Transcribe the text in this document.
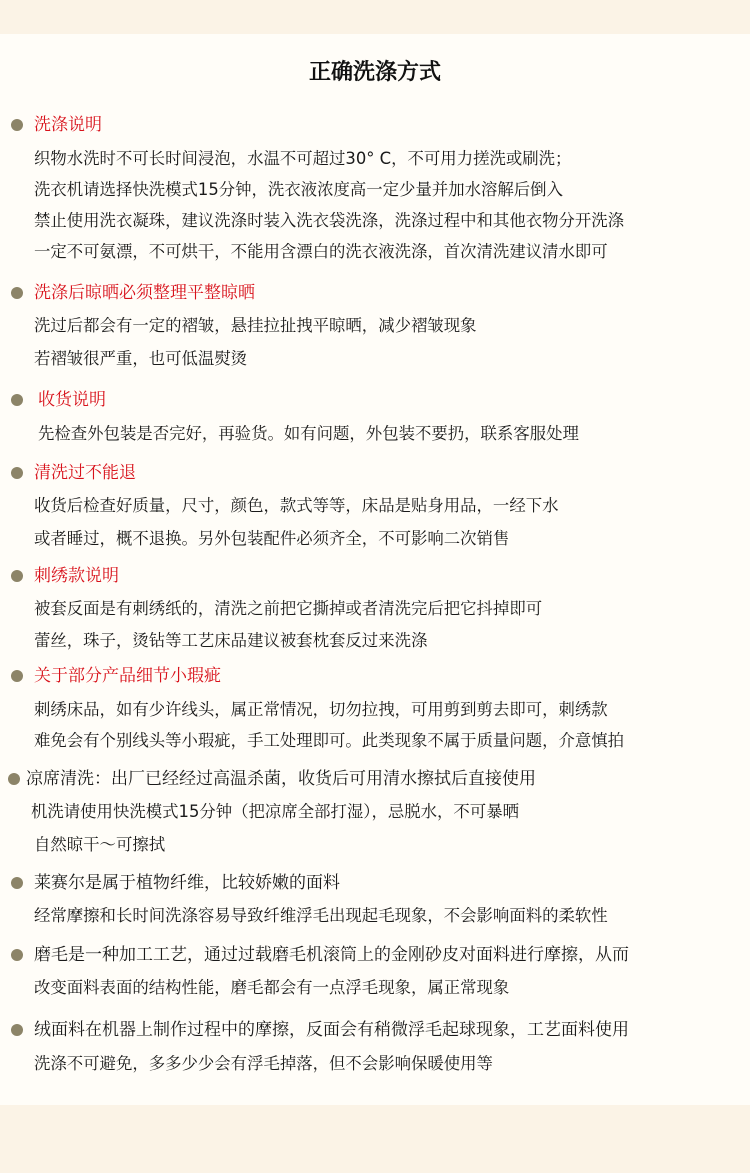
正确洗涤方式
洗涤说明
织物水洗时不可长时间浸泡，水温不可超过30° C，不可用力搓洗或刷洗；
洗衣机请选择快洗模式15分钟，洗衣液浓度高一定少量并加水溶解后倒入
禁止使用洗衣凝珠，建议洗涤时装入洗衣袋洗涤，洗涤过程中和其他衣物分开洗涤
一定不可氨漂，不可烘干，不能用含漂白的洗衣液洗涤，首次清洗建议清水即可
洗涤后晾晒必须整理平整晾晒
洗过后都会有一定的褶皱，悬挂拉扯拽平晾晒，减少褶皱现象
若褶皱很严重，也可低温熨烫
收货说明
先检查外包装是否完好，再验货。如有问题，外包装不要扔，联系客服处理
清洗过不能退
收货后检查好质量，尺寸，颜色，款式等等，床品是贴身用品，一经下水
或者睡过，概不退换。另外包装配件必须齐全，不可影响二次销售
刺绣款说明
被套反面是有刺绣纸的，清洗之前把它撕掉或者清洗完后把它抖掉即可
蕾丝，珠子，烫钻等工艺床品建议被套枕套反过来洗涤
关于部分产品细节小瑕疵
刺绣床品，如有少许线头，属正常情况，切勿拉拽，可用剪到剪去即可，刺绣款
难免会有个别线头等小瑕疵，手工处理即可。此类现象不属于质量问题，介意慎拍
凉席清洗：出厂已经经过高温杀菌，收货后可用清水擦拭后直接使用
机洗请使用快洗模式15分钟（把凉席全部打湿），忌脱水，不可暴晒
自然晾干～可擦拭
莱赛尔是属于植物纤维，比较娇嫩的面料
经常摩擦和长时间洗涤容易导致纤维浮毛出现起毛现象，不会影响面料的柔软性
磨毛是一种加工工艺，通过过载磨毛机滚筒上的金刚砂皮对面料进行摩擦，从而
改变面料表面的结构性能，磨毛都会有一点浮毛现象，属正常现象
绒面料在机器上制作过程中的摩擦，反面会有稍微浮毛起球现象，工艺面料使用
洗涤不可避免，多多少少会有浮毛掉落，但不会影响保暖使用等
